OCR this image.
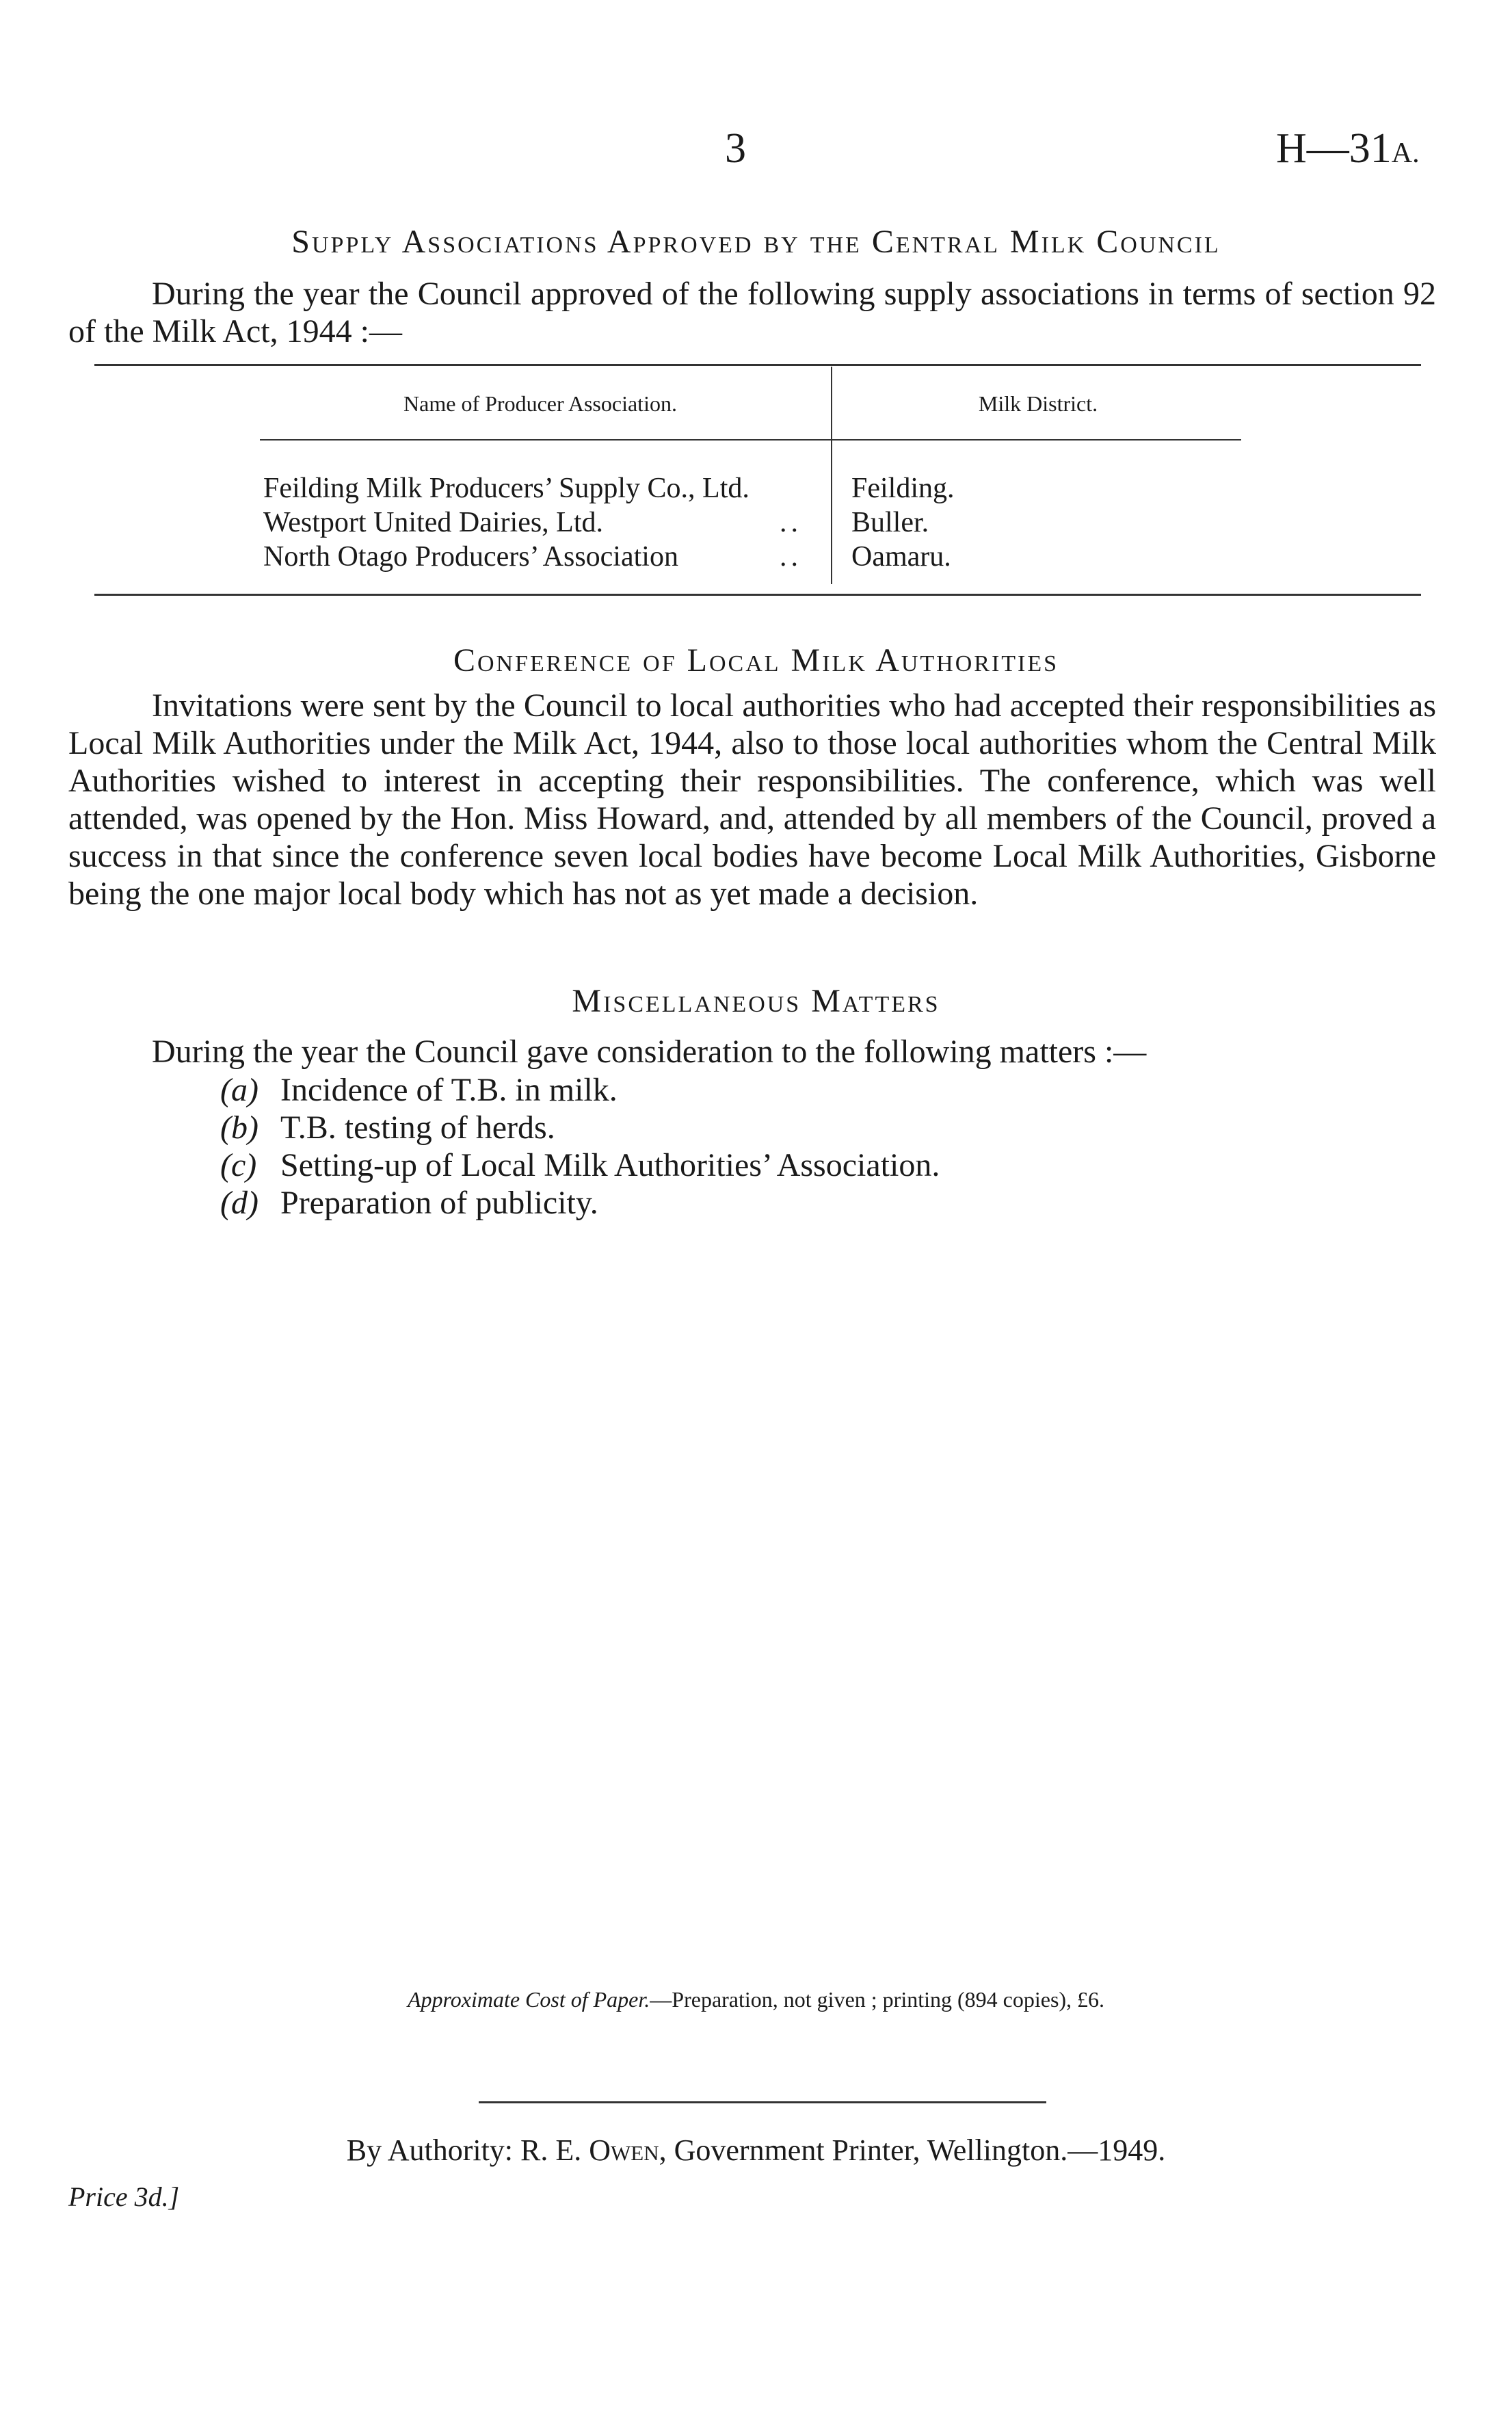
3	H—31A.
Supply Associations Approved by the Central Milk Council
During the year the Council approved of the following supply associations in terms of section 92 of the Milk Act, 1944 :—
Name of Producer Association.	Milk District.
Feilding Milk Producers’ Supply Co., Ltd.	Feilding.
Westport United Dairies, Ltd.	.. Buller.
North Otago Producers’ Association	.. Oamaru.
Conference of Local Milk Authorities
Invitations were sent by the Council to local authorities who had accepted their responsibilities as Local Milk Authorities under the Milk Act, 1944, also to those local authorities whom the Central Milk Authorities wished to interest in accepting their responsibilities. The conference, which was well attended, was opened by the Hon. Miss Howard, and, attended by all members of the Council, proved a success in that since the conference seven local bodies have become Local Milk Authorities, Gisborne being the one major local body which has not as yet made a decision.
Miscellaneous Matters
During the year the Council gave consideration to the following matters :—
(a) Incidence of T.B. in milk.
(b) T.B. testing of herds.
(c) Setting-up of Local Milk Authorities’ Association.
(d) Preparation of publicity.
Approximate Cost of Paper.—Preparation, not given ; printing (894 copies), £6.
By Authority: R. E. Owen, Government Printer, Wellington.—1949.
Price 3d.]
